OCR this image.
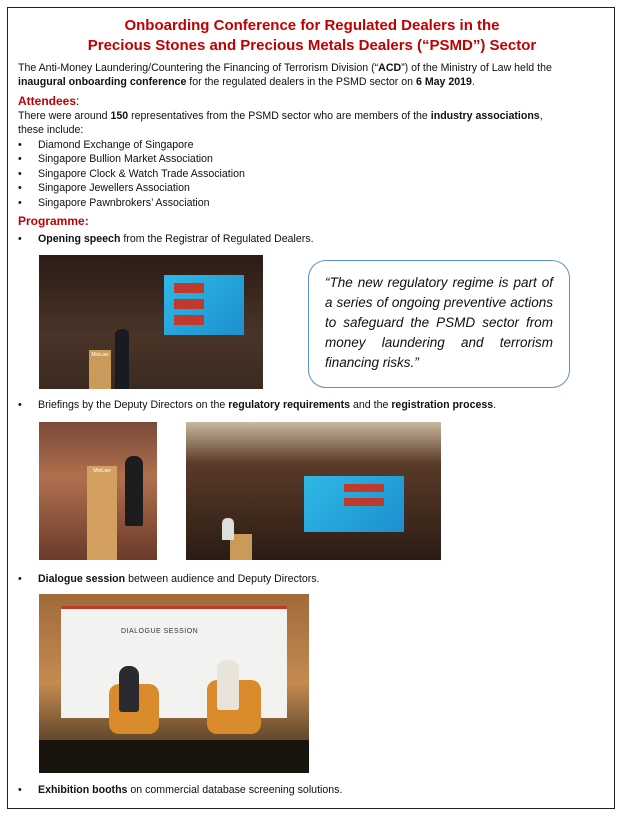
Onboarding Conference for Regulated Dealers in the
Precious Stones and Precious Metals Dealers (“PSMD”) Sector
The Anti-Money Laundering/Countering the Financing of Terrorism Division (“ACD”) of the Ministry of Law held the
inaugural onboarding conference for the regulated dealers in the PSMD sector on 6 May 2019.
Attendees:
There were around 150 representatives from the PSMD sector who are members of the industry associations,
these include:
• Diamond Exchange of Singapore
• Singapore Bullion Market Association
• Singapore Clock & Watch Trade Association
• Singapore Jewellers Association
• Singapore Pawnbrokers’ Association
Programme:
• Opening speech from the Registrar of Regulated Dealers.
MinLaw
“The new regulatory regime is part of a series of ongoing preventive actions to safeguard the PSMD sector from money laundering and terrorism financing risks.”
• Briefings by the Deputy Directors on the regulatory requirements and the registration process.
MinLaw
• Dialogue session between audience and Deputy Directors.
DIALOGUE SESSION
• Exhibition booths on commercial database screening solutions.
